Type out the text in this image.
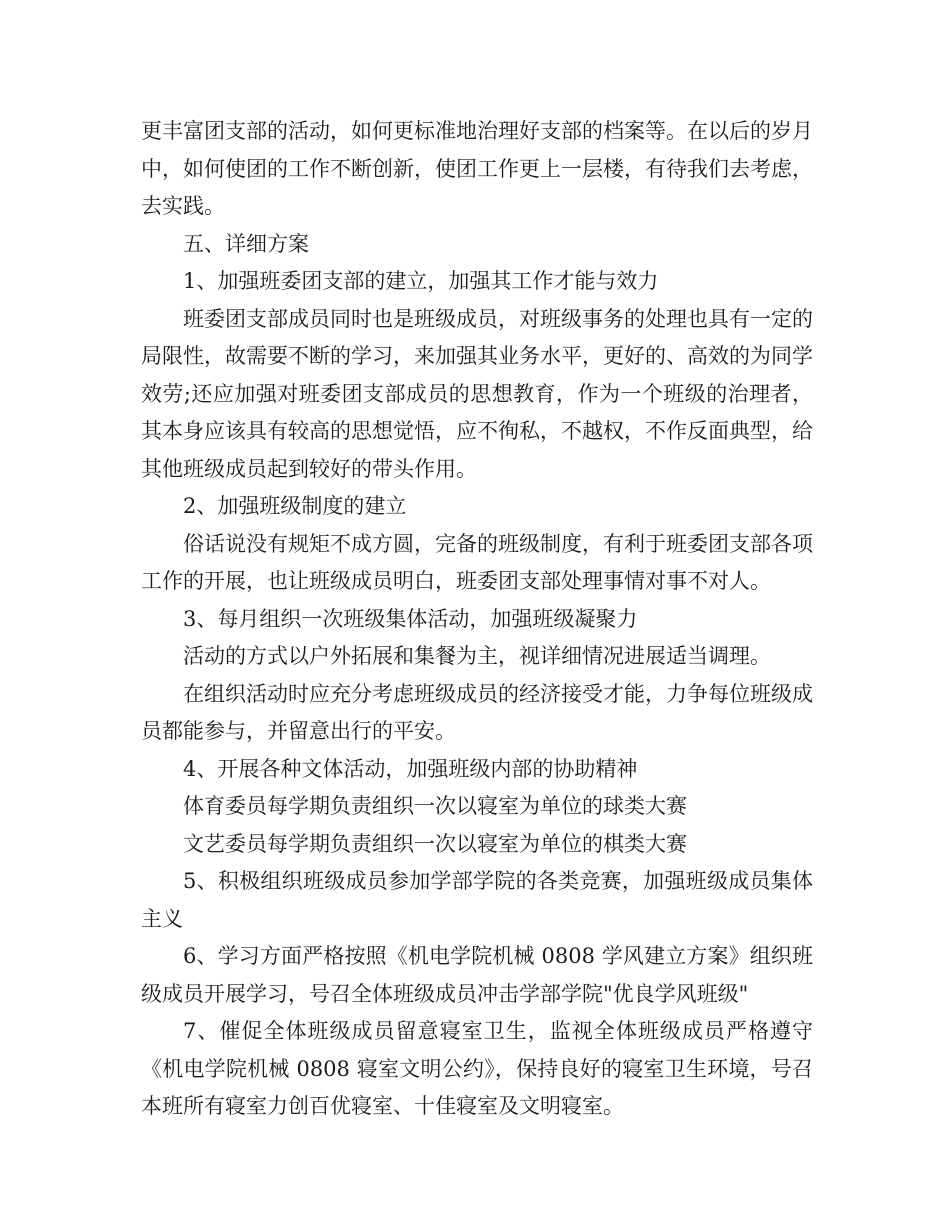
更丰富团支部的活动，如何更标准地治理好支部的档案等。在以后的岁月中，如何使团的工作不断创新，使团工作更上一层楼，有待我们去考虑，去实践。

五、详细方案

1、加强班委团支部的建立，加强其工作才能与效力

班委团支部成员同时也是班级成员，对班级事务的处理也具有一定的局限性，故需要不断的学习，来加强其业务水平，更好的、高效的为同学效劳;还应加强对班委团支部成员的思想教育，作为一个班级的治理者，其本身应该具有较高的思想觉悟，应不徇私，不越权，不作反面典型，给其他班级成员起到较好的带头作用。

2、加强班级制度的建立

俗话说没有规矩不成方圆，完备的班级制度，有利于班委团支部各项工作的开展，也让班级成员明白，班委团支部处理事情对事不对人。

3、每月组织一次班级集体活动，加强班级凝聚力

活动的方式以户外拓展和集餐为主，视详细情况进展适当调理。

在组织活动时应充分考虑班级成员的经济接受才能，力争每位班级成员都能参与，并留意出行的平安。

4、开展各种文体活动，加强班级内部的协助精神

体育委员每学期负责组织一次以寝室为单位的球类大赛

文艺委员每学期负责组织一次以寝室为单位的棋类大赛

5、积极组织班级成员参加学部学院的各类竞赛，加强班级成员集体主义

6、学习方面严格按照《机电学院机械 0808 学风建立方案》组织班级成员开展学习，号召全体班级成员冲击学部学院"优良学风班级"

7、催促全体班级成员留意寝室卫生，监视全体班级成员严格遵守《机电学院机械 0808 寝室文明公约》，保持良好的寝室卫生环境，号召本班所有寝室力创百优寝室、十佳寝室及文明寝室。
